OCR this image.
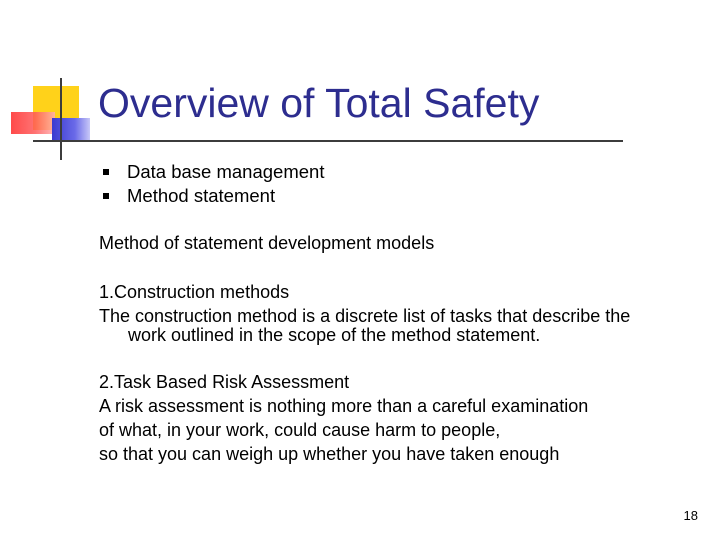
Overview of Total Safety
Data base management
Method statement
Method of statement development models
1.Construction methods
The construction method is a discrete list of tasks that describe the
work outlined in the scope of the method statement.
2.Task Based Risk Assessment
A risk assessment is nothing more than a careful examination
of what, in your work, could cause harm to people,
so that you can weigh up whether you have taken enough
18
